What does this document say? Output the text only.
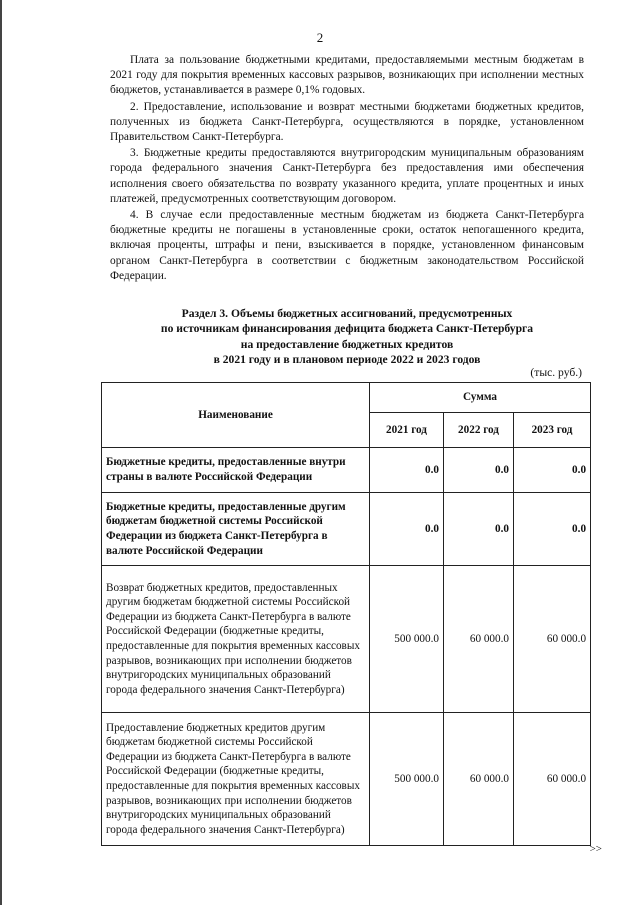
2

Плата за пользование бюджетными кредитами, предоставляемыми местным бюджетам в 2021 году для покрытия временных кассовых разрывов, возникающих при исполнении местных бюджетов, устанавливается в размере 0,1% годовых.

2. Предоставление, использование и возврат местными бюджетами бюджетных кредитов, полученных из бюджета Санкт-Петербурга, осуществляются в порядке, установленном Правительством Санкт-Петербурга.

3. Бюджетные кредиты предоставляются внутригородским муниципальным образованиям города федерального значения Санкт-Петербурга без предоставления ими обеспечения исполнения своего обязательства по возврату указанного кредита, уплате процентных и иных платежей, предусмотренных соответствующим договором.

4. В случае если предоставленные местным бюджетам из бюджета Санкт-Петербурга бюджетные кредиты не погашены в установленные сроки, остаток непогашенного кредита, включая проценты, штрафы и пени, взыскивается в порядке, установленном финансовым органом Санкт-Петербурга в соответствии с бюджетным законодательством Российской Федерации.

Раздел 3. Объемы бюджетных ассигнований, предусмотренных
по источникам финансирования дефицита бюджета Санкт-Петербурга
на предоставление бюджетных кредитов
в 2021 году и в плановом периоде 2022 и 2023 годов
(тыс. руб.)
Наименование	Сумма		
	2021 год	2022 год	2023 год
Бюджетные кредиты, предоставленные внутри страны в валюте Российской Федерации	0.0	0.0	0.0
Бюджетные кредиты, предоставленные другим бюджетам бюджетной системы Российской Федерации из бюджета Санкт-Петербурга в валюте Российской Федерации	0.0	0.0	0.0
Возврат бюджетных кредитов, предоставленных другим бюджетам бюджетной системы Российской Федерации из бюджета Санкт-Петербурга в валюте Российской Федерации (бюджетные кредиты, предоставленные для покрытия временных кассовых разрывов, возникающих при исполнении бюджетов внутригородских муниципальных образований города федерального значения Санкт-Петербурга)	500 000.0	60 000.0	60 000.0
Предоставление бюджетных кредитов другим бюджетам бюджетной системы Российской Федерации из бюджета Санкт-Петербурга в валюте Российской Федерации (бюджетные кредиты, предоставленные для покрытия временных кассовых разрывов, возникающих при исполнении бюджетов внутригородских муниципальных образований города федерального значения Санкт-Петербурга)	500 000.0	60 000.0	60 000.0
>>
